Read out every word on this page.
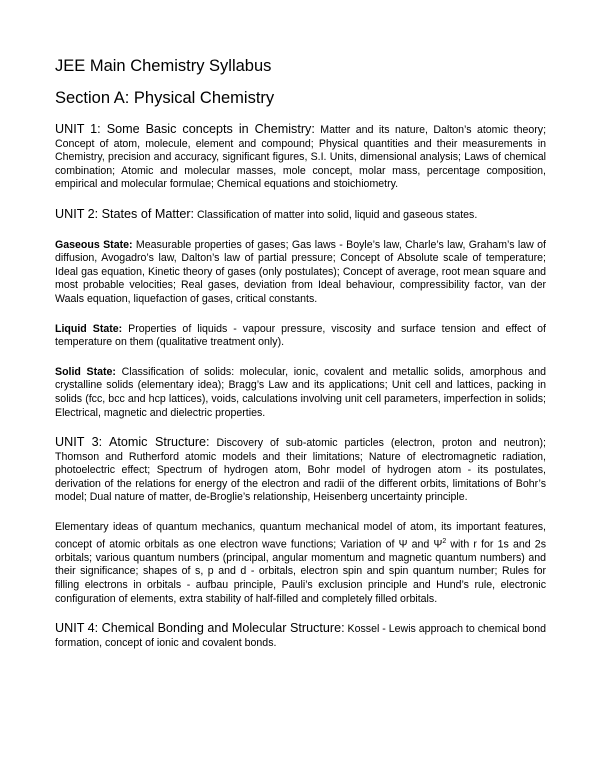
JEE Main Chemistry Syllabus
Section A: Physical Chemistry

UNIT 1: Some Basic concepts in Chemistry: Matter and its nature, Dalton’s atomic theory; Concept of atom, molecule, element and compound; Physical quantities and their measurements in Chemistry, precision and accuracy, significant figures, S.I. Units, dimensional analysis; Laws of chemical combination; Atomic and molecular masses, mole concept, molar mass, percentage composition, empirical and molecular formulae; Chemical equations and stoichiometry.

UNIT 2: States of Matter: Classification of matter into solid, liquid and gaseous states.

Gaseous State: Measurable properties of gases; Gas laws - Boyle’s law, Charle’s law, Graham’s law of diffusion, Avogadro’s law, Dalton’s law of partial pressure; Concept of Absolute scale of temperature; Ideal gas equation, Kinetic theory of gases (only postulates); Concept of average, root mean square and most probable velocities; Real gases, deviation from Ideal behaviour, compressibility factor, van der Waals equation, liquefaction of gases, critical constants.

Liquid State: Properties of liquids - vapour pressure, viscosity and surface tension and effect of temperature on them (qualitative treatment only).

Solid State: Classification of solids: molecular, ionic, covalent and metallic solids, amorphous and crystalline solids (elementary idea); Bragg’s Law and its applications; Unit cell and lattices, packing in solids (fcc, bcc and hcp lattices), voids, calculations involving unit cell parameters, imperfection in solids; Electrical, magnetic and dielectric properties.

UNIT 3: Atomic Structure: Discovery of sub-atomic particles (electron, proton and neutron); Thomson and Rutherford atomic models and their limitations; Nature of electromagnetic radiation, photoelectric effect; Spectrum of hydrogen atom, Bohr model of hydrogen atom - its postulates, derivation of the relations for energy of the electron and radii of the different orbits, limitations of Bohr’s model; Dual nature of matter, de-Broglie’s relationship, Heisenberg uncertainty principle.

Elementary ideas of quantum mechanics, quantum mechanical model of atom, its important features, concept of atomic orbitals as one electron wave functions; Variation of Ψ and $\Psi^2$ with r for 1s and 2s orbitals; various quantum numbers (principal, angular momentum and magnetic quantum numbers) and their significance; shapes of s, p and d - orbitals, electron spin and spin quantum number; Rules for filling electrons in orbitals - aufbau principle, Pauli’s exclusion principle and Hund’s rule, electronic configuration of elements, extra stability of half-filled and completely filled orbitals.

UNIT 4: Chemical Bonding and Molecular Structure: Kossel - Lewis approach to chemical bond formation, concept of ionic and covalent bonds.
